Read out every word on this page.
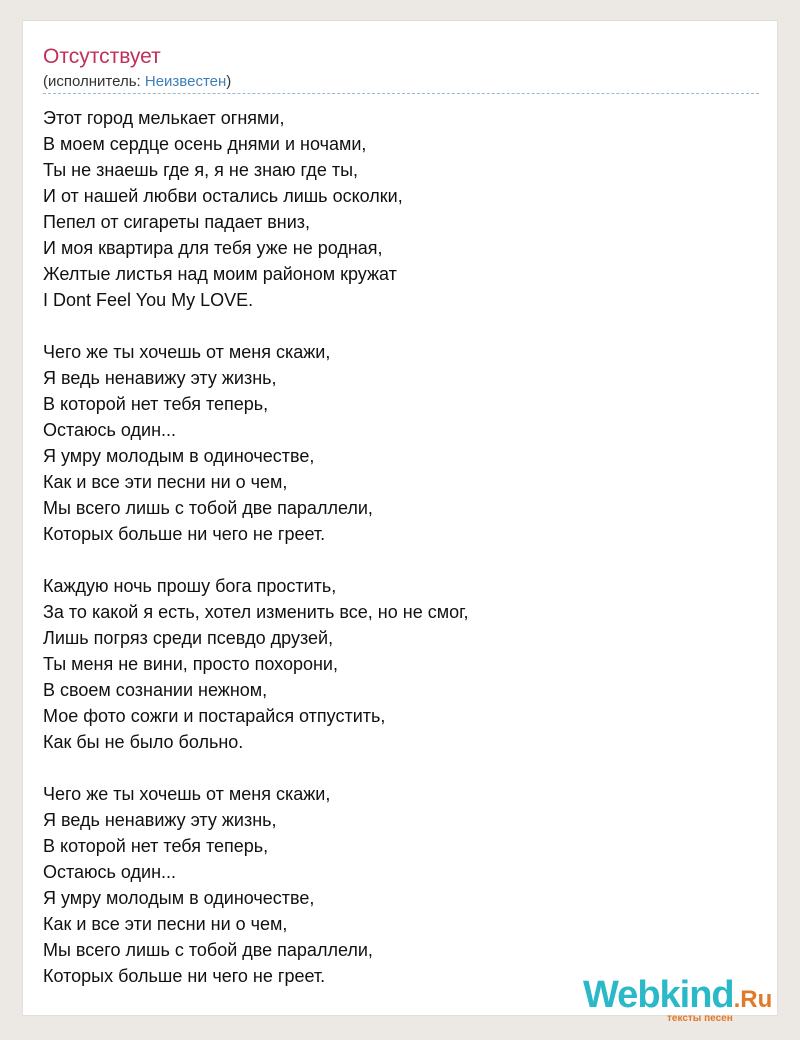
Отсутствует
(исполнитель: Неизвестен)
Этот город мелькает огнями,
В моем сердце осень днями и ночами,
Ты не знаешь где я, я не знаю где ты,
И от нашей любви остались лишь осколки,
Пепел от сигареты падает вниз,
И моя квартира для тебя уже не родная,
Желтые листья над моим районом кружат
I Dont Feel You My LOVE.
Чего же ты хочешь от меня скажи,
Я ведь ненавижу эту жизнь,
В которой нет тебя теперь,
Остаюсь один...
Я умру молодым в одиночестве,
Как и все эти песни ни о чем,
Мы всего лишь с тобой две параллели,
Которых больше ни чего не греет.
Каждую ночь прошу бога простить,
За то какой я есть, хотел изменить все, но не смог,
Лишь погряз среди псевдо друзей,
Ты меня не вини, просто похорони,
В своем сознании нежном,
Мое фото сожги и постарайся отпустить,
Как бы не было больно.
Чего же ты хочешь от меня скажи,
Я ведь ненавижу эту жизнь,
В которой нет тебя теперь,
Остаюсь один...
Я умру молодым в одиночестве,
Как и все эти песни ни о чем,
Мы всего лишь с тобой две параллели,
Которых больше ни чего не греет.	Webkind.Ru
тексты песен
